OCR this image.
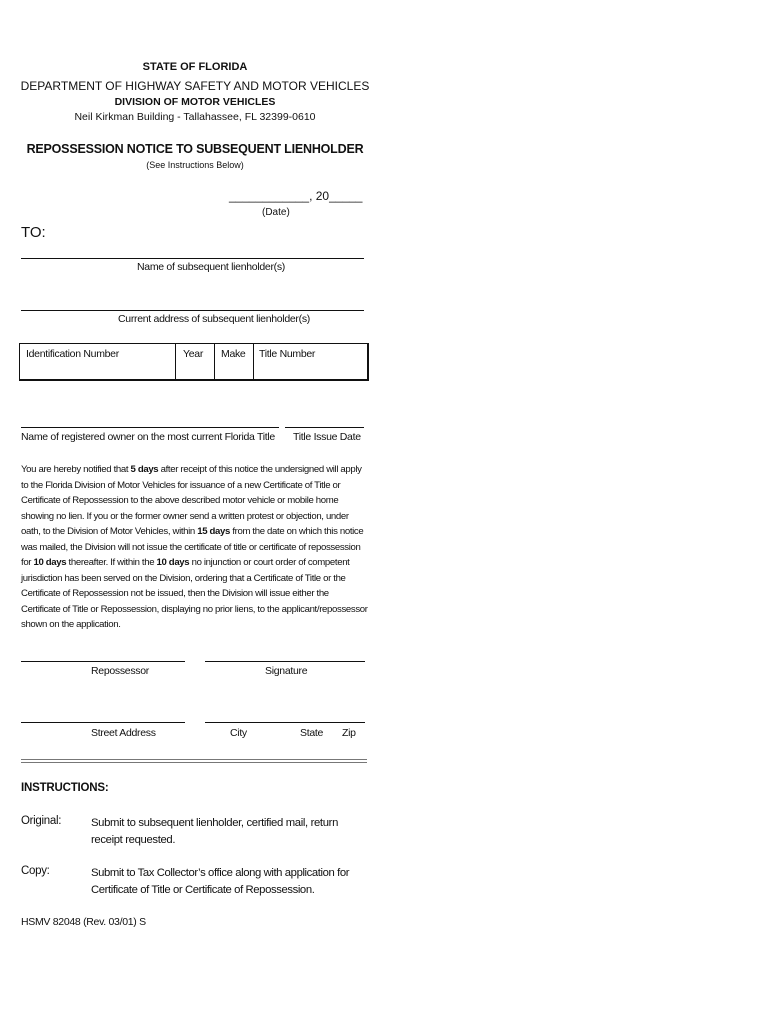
STATE OF FLORIDA
DEPARTMENT OF HIGHWAY SAFETY AND MOTOR VEHICLES
DIVISION OF MOTOR VEHICLES
Neil Kirkman Building - Tallahassee, FL 32399-0610
REPOSSESSION NOTICE TO SUBSEQUENT LIENHOLDER
(See Instructions Below)
____________, 20_____
(Date)
TO:
Name of subsequent lienholder(s)
Current address of subsequent lienholder(s)
Identification Number	Year Make Title Number
Name of registered owner on the most current Florida Title Title Issue Date
You are hereby notified that 5 days after receipt of this notice the undersigned will apply to the Florida Division of Motor Vehicles for issuance of a new Certificate of Title or Certificate of Repossession to the above described motor vehicle or mobile home showing no lien. If you or the former owner send a written protest or objection, under oath, to the Division of Motor Vehicles, within 15 days from the date on which this notice was mailed, the Division will not issue the certificate of title or certificate of repossession for 10 days thereafter. If within the 10 days no injunction or court order of competent jurisdiction has been served on the Division, ordering that a Certificate of Title or the Certificate of Repossession not be issued, then the Division will issue either the Certificate of Title or Repossession, displaying no prior liens, to the applicant/repossessor shown on the application.
Repossessor	Signature
Street Address	City	State Zip
INSTRUCTIONS:
Original:	Submit to subsequent lienholder, certified mail, return receipt requested.
Copy:	Submit to Tax Collector’s office along with application for Certificate of Title or Certificate of Repossession.
HSMV 82048 (Rev. 03/01) S
